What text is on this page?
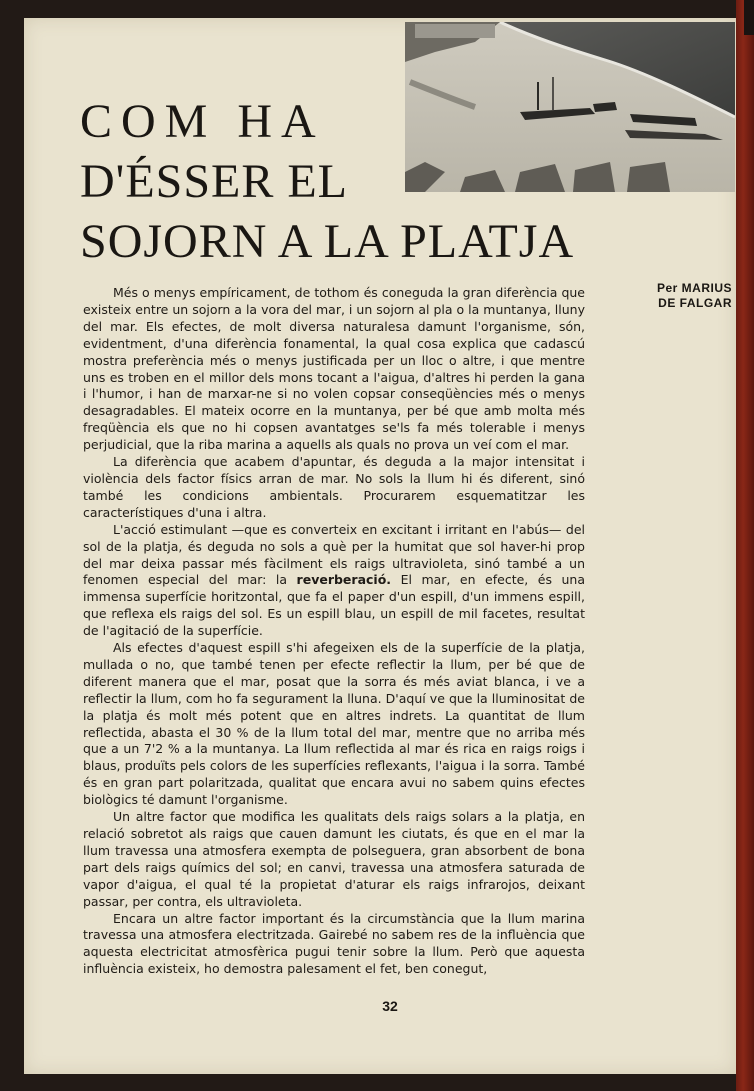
COM HA
D'ÉSSER EL
SOJORN A LA PLATJA
Per MARIUS
DE FALGAR

Més o menys empíricament, de tothom és coneguda la gran diferència que existeix entre un sojorn a la vora del mar, i un sojorn al pla o la muntanya, lluny del mar. Els efectes, de molt diversa naturalesa damunt l'organisme, són, evidentment, d'una diferència fonamental, la qual cosa explica que cadascú mostra preferència més o menys justificada per un lloc o altre, i que mentre uns es troben en el millor dels mons tocant a l'aigua, d'altres hi perden la gana i l'humor, i han de marxar-ne si no volen copsar conseqüències més o menys desagradables. El mateix ocorre en la muntanya, per bé que amb molta més freqüència els que no hi copsen avantatges se'ls fa més tolerable i menys perjudicial, que la riba marina a aquells als quals no prova un veí com el mar.

La diferència que acabem d'apuntar, és deguda a la major intensitat i violència dels factor físics arran de mar. No sols la llum hi és diferent, sinó també les condicions ambientals. Procurarem esquematitzar les característiques d'una i altra.

L'acció estimulant —que es converteix en excitant i irritant en l'abús— del sol de la platja, és deguda no sols a què per la humitat que sol haver-hi prop del mar deixa passar més fàcilment els raigs ultravioleta, sinó també a un fenomen especial del mar: la reverberació. El mar, en efecte, és una immensa superfície horitzontal, que fa el paper d'un espill, d'un immens espill, que reflexa els raigs del sol. Es un espill blau, un espill de mil facetes, resultat de l'agitació de la superfície.

Als efectes d'aquest espill s'hi afegeixen els de la superfície de la platja, mullada o no, que també tenen per efecte reflectir la llum, per bé que de diferent manera que el mar, posat que la sorra és més aviat blanca, i ve a reflectir la llum, com ho fa segurament la lluna. D'aquí ve que la lluminositat de la platja és molt més potent que en altres indrets. La quantitat de llum reflectida, abasta el 30 % de la llum total del mar, mentre que no arriba més que a un 7'2 % a la muntanya. La llum reflectida al mar és rica en raigs roigs i blaus, produïts pels colors de les superfícies reflexants, l'aigua i la sorra. També és en gran part polaritzada, qualitat que encara avui no sabem quins efectes biològics té damunt l'organisme.

Un altre factor que modifica les qualitats dels raigs solars a la platja, en relació sobretot als raigs que cauen damunt les ciutats, és que en el mar la llum travessa una atmosfera exempta de polseguera, gran absorbent de bona part dels raigs químics del sol; en canvi, travessa una atmosfera saturada de vapor d'aigua, el qual té la propietat d'aturar els raigs infrarojos, deixant passar, per contra, els ultravioleta.

Encara un altre factor important és la circumstància que la llum marina travessa una atmosfera electritzada. Gairebé no sabem res de la influència que aquesta electricitat atmosfèrica pugui tenir sobre la llum. Però que aquesta influència existeix, ho demostra palesament el fet, ben conegut,

32
